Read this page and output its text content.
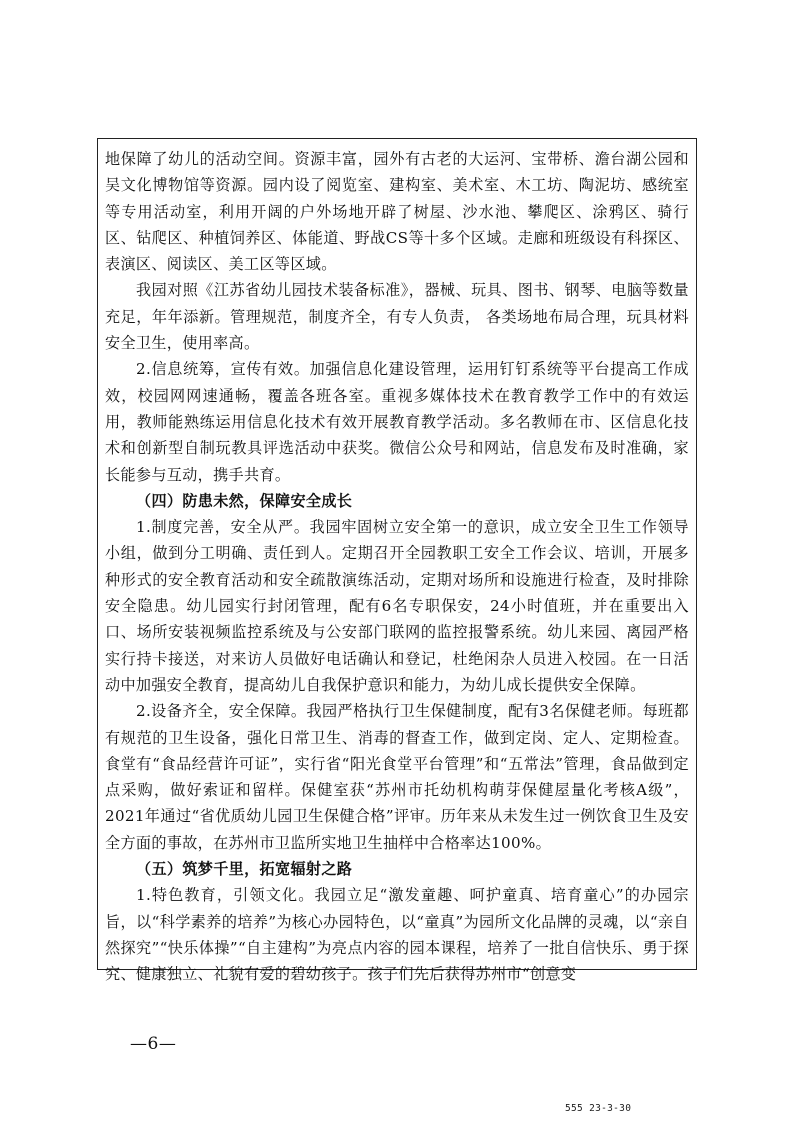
地保障了幼儿的活动空间。资源丰富，园外有古老的大运河、宝带桥、澹台湖公园和吴文化博物馆等资源。园内设了阅览室、建构室、美术室、木工坊、陶泥坊、感统室等专用活动室，利用开阔的户外场地开辟了树屋、沙水池、攀爬区、涂鸦区、骑行区、钻爬区、种植饲养区、体能道、野战CS等十多个区域。走廊和班级设有科探区、表演区、阅读区、美工区等区域。

我园对照《江苏省幼儿园技术装备标准》，器械、玩具、图书、钢琴、电脑等数量充足，年年添新。管理规范，制度齐全，有专人负责， 各类场地布局合理，玩具材料安全卫生，使用率高。

2.信息统筹，宣传有效。加强信息化建设管理，运用钉钉系统等平台提高工作成效，校园网网速通畅，覆盖各班各室。重视多媒体技术在教育教学工作中的有效运用，教师能熟练运用信息化技术有效开展教育教学活动。多名教师在市、区信息化技术和创新型自制玩教具评选活动中获奖。微信公众号和网站，信息发布及时准确，家长能参与互动，携手共育。

（四）防患未然，保障安全成长

1.制度完善，安全从严。我园牢固树立安全第一的意识，成立安全卫生工作领导小组，做到分工明确、责任到人。定期召开全园教职工安全工作会议、培训，开展多种形式的安全教育活动和安全疏散演练活动，定期对场所和设施进行检查，及时排除安全隐患。幼儿园实行封闭管理，配有6名专职保安，24小时值班，并在重要出入口、场所安装视频监控系统及与公安部门联网的监控报警系统。幼儿来园、离园严格实行持卡接送，对来访人员做好电话确认和登记，杜绝闲杂人员进入校园。在一日活动中加强安全教育，提高幼儿自我保护意识和能力，为幼儿成长提供安全保障。

2.设备齐全，安全保障。我园严格执行卫生保健制度，配有3名保健老师。每班都有规范的卫生设备，强化日常卫生、消毒的督查工作，做到定岗、定人、定期检查。食堂有“食品经营许可证”，实行省“阳光食堂平台管理”和“五常法”管理，食品做到定点采购，做好索证和留样。保健室获“苏州市托幼机构萌芽保健屋量化考核A级”，2021年通过“省优质幼儿园卫生保健合格”评审。历年来从未发生过一例饮食卫生及安全方面的事故，在苏州市卫监所实地卫生抽样中合格率达100%。

（五）筑梦千里，拓宽辐射之路

1.特色教育，引领文化。我园立足“激发童趣、呵护童真、培育童心”的办园宗旨，以“科学素养的培养”为核心办园特色，以“童真”为园所文化品牌的灵魂，以“亲自然探究”“快乐体操”“自主建构”为亮点内容的园本课程，培养了一批自信快乐、勇于探究、健康独立、礼貌有爱的碧幼孩子。孩子们先后获得苏州市“创意变

—6—
555 23-3-30
